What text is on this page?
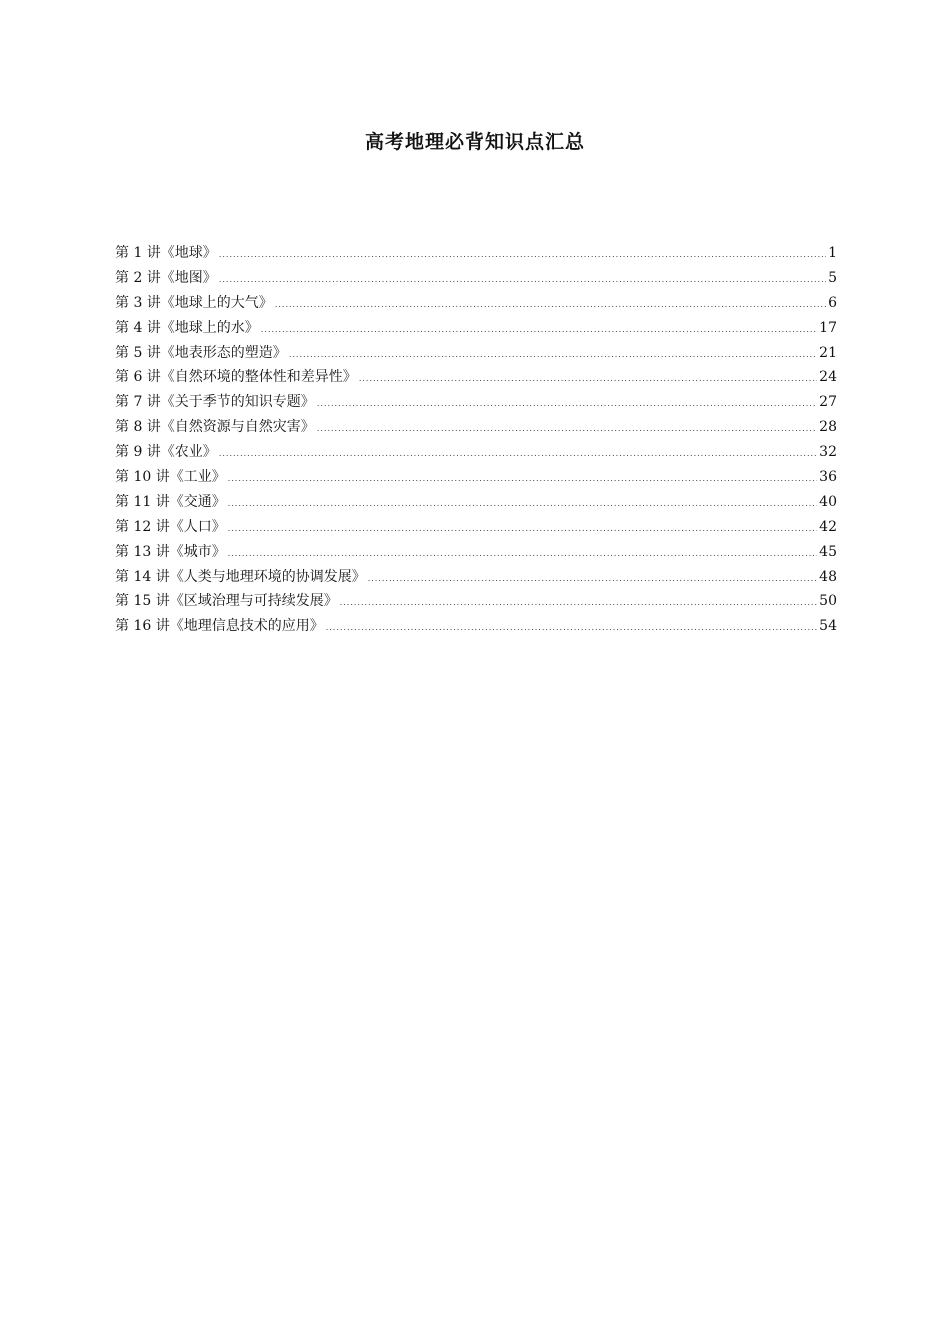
高考地理必背知识点汇总
第 1 讲《地球》 .....	1
第 2 讲《地图》 .....	5
第 3 讲《地球上的大气》 .....	6
第 4 讲《地球上的水》 .....	17
第 5 讲《地表形态的塑造》 .....	21
第 6 讲《自然环境的整体性和差异性》 .....	24
第 7 讲《关于季节的知识专题》 .....	27
第 8 讲《自然资源与自然灾害》 .....	28
第 9 讲《农业》 .....	32
第 10 讲《工业》 .....	36
第 11 讲《交通》 .....	40
第 12 讲《人口》 .....	42
第 13 讲《城市》 .....	45
第 14 讲《人类与地理环境的协调发展》 .....	48
第 15 讲《区域治理与可持续发展》 .....	50
第 16 讲《地理信息技术的应用》 .....	54
